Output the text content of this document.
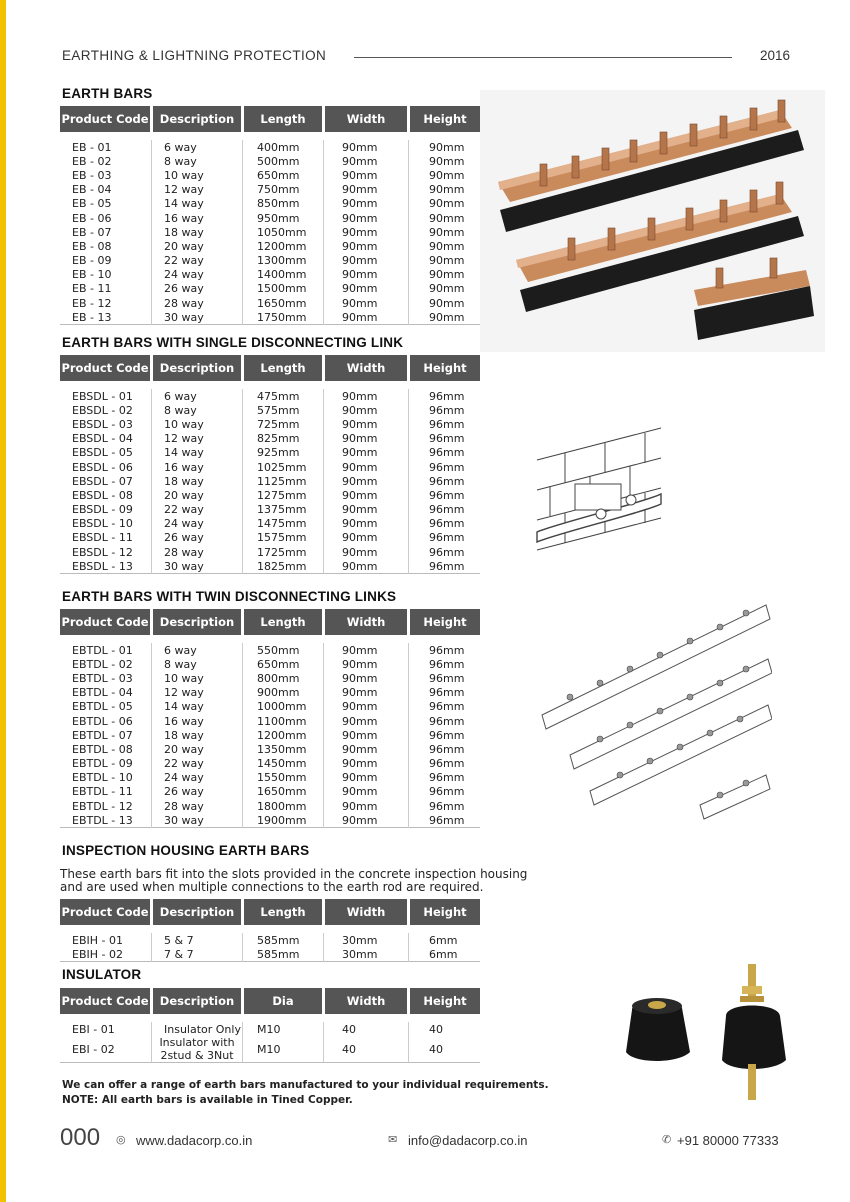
EARTHING & LIGHTNING PROTECTION	2016
EARTH BARS
Product Code	Description	Length	Width	Height

EB - 01	6 way	400mm	90mm	90mm
EB - 02	8 way	500mm	90mm	90mm
EB - 03	10 way	650mm	90mm	90mm
EB - 04	12 way	750mm	90mm	90mm
EB - 05	14 way	850mm	90mm	90mm
EB - 06	16 way	950mm	90mm	90mm
EB - 07	18 way	1050mm	90mm	90mm
EB - 08	20 way	1200mm	90mm	90mm
EB - 09	22 way	1300mm	90mm	90mm
EB - 10	24 way	1400mm	90mm	90mm
EB - 11	26 way	1500mm	90mm	90mm
EB - 12	28 way	1650mm	90mm	90mm
EB - 13	30 way	1750mm	90mm	90mm
EARTH BARS WITH SINGLE DISCONNECTING LINK
Product Code	Description	Length	Width	Height

EBSDL - 01	6 way	475mm	90mm	96mm
EBSDL - 02	8 way	575mm	90mm	96mm
EBSDL - 03	10 way	725mm	90mm	96mm
EBSDL - 04	12 way	825mm	90mm	96mm
EBSDL - 05	14 way	925mm	90mm	96mm
EBSDL - 06	16 way	1025mm	90mm	96mm
EBSDL - 07	18 way	1125mm	90mm	96mm
EBSDL - 08	20 way	1275mm	90mm	96mm
EBSDL - 09	22 way	1375mm	90mm	96mm
EBSDL - 10	24 way	1475mm	90mm	96mm
EBSDL - 11	26 way	1575mm	90mm	96mm
EBSDL - 12	28 way	1725mm	90mm	96mm
EBSDL - 13	30 way	1825mm	90mm	96mm
EARTH BARS WITH TWIN DISCONNECTING LINKS
Product Code	Description	Length	Width	Height

EBTDL - 01	6 way	550mm	90mm	96mm
EBTDL - 02	8 way	650mm	90mm	96mm
EBTDL - 03	10 way	800mm	90mm	96mm
EBTDL - 04	12 way	900mm	90mm	96mm
EBTDL - 05	14 way	1000mm	90mm	96mm
EBTDL - 06	16 way	1100mm	90mm	96mm
EBTDL - 07	18 way	1200mm	90mm	96mm
EBTDL - 08	20 way	1350mm	90mm	96mm
EBTDL - 09	22 way	1450mm	90mm	96mm
EBTDL - 10	24 way	1550mm	90mm	96mm
EBTDL - 11	26 way	1650mm	90mm	96mm
EBTDL - 12	28 way	1800mm	90mm	96mm
EBTDL - 13	30 way	1900mm	90mm	96mm
INSPECTION HOUSING EARTH BARS
These earth bars fit into the slots provided in the concrete inspection housing and are used when multiple connections to the earth rod are required.
Product Code	Description	Length	Width	Height

EBIH - 01	5 & 7	585mm	30mm	6mm
EBIH - 02	7 & 7	585mm	30mm	6mm
INSULATOR
Product Code	Description	Dia	Width	Height

EBI - 01	Insulator Only	M10	40	40
EBI - 02	Insulator with 2stud & 3Nut	M10	40	40
We can offer a range of earth bars manufactured to your individual requirements.
NOTE: All earth bars is available in Tined Copper.
000 ◎ www.dadacorp.co.in	✉ info@dadacorp.co.in	✆ +91 80000 77333
